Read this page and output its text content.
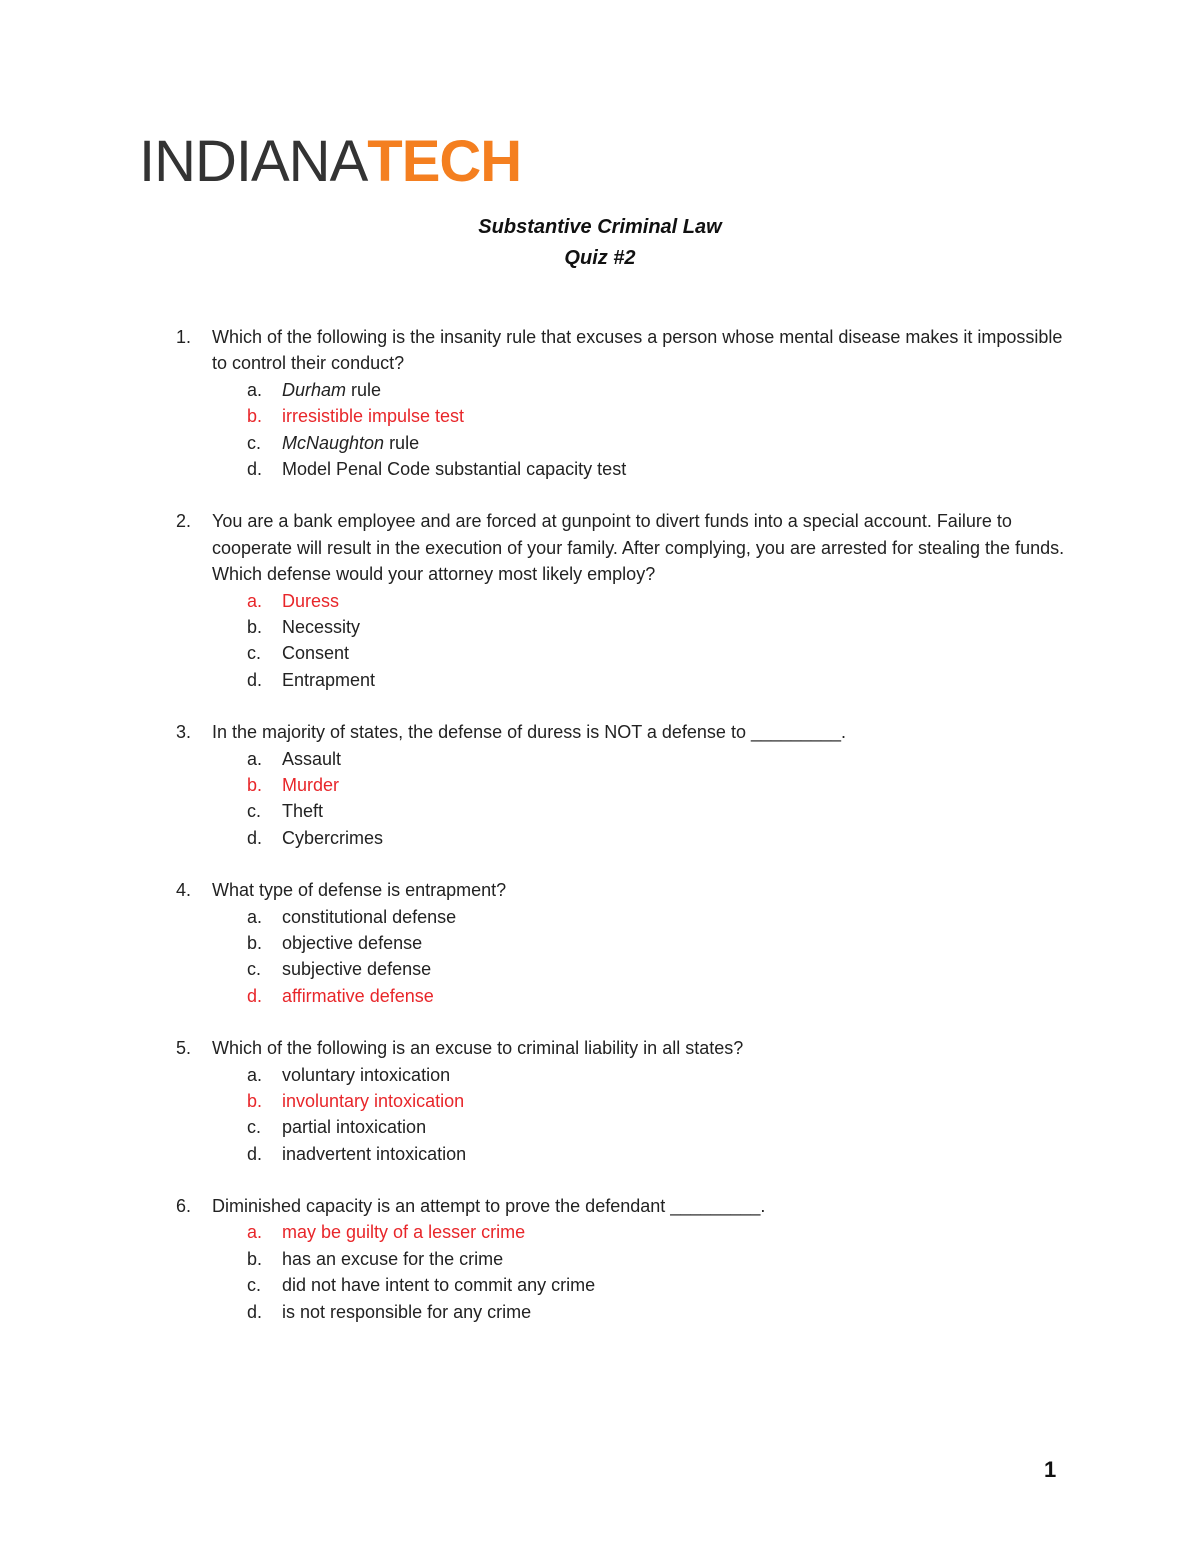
INDIANATECH
Substantive Criminal Law
Quiz #2
1.	Which of the following is the insanity rule that excuses a person whose mental disease makes it impossible to control their conduct?
a. Durham rule
b. irresistible impulse test
c. McNaughton rule
d. Model Penal Code substantial capacity test
2.	You are a bank employee and are forced at gunpoint to divert funds into a special account. Failure to cooperate will result in the execution of your family. After complying, you are arrested for stealing the funds. Which defense would your attorney most likely employ?
a. Duress
b. Necessity
c. Consent
d. Entrapment
3.	In the majority of states, the defense of duress is NOT a defense to _________.
a. Assault
b. Murder
c. Theft
d. Cybercrimes
4.	What type of defense is entrapment?
a. constitutional defense
b. objective defense
c. subjective defense
d. affirmative defense
5.	Which of the following is an excuse to criminal liability in all states?
a. voluntary intoxication
b. involuntary intoxication
c. partial intoxication
d. inadvertent intoxication
6.	Diminished capacity is an attempt to prove the defendant _________.
a. may be guilty of a lesser crime
b. has an excuse for the crime
c. did not have intent to commit any crime
d. is not responsible for any crime
1
